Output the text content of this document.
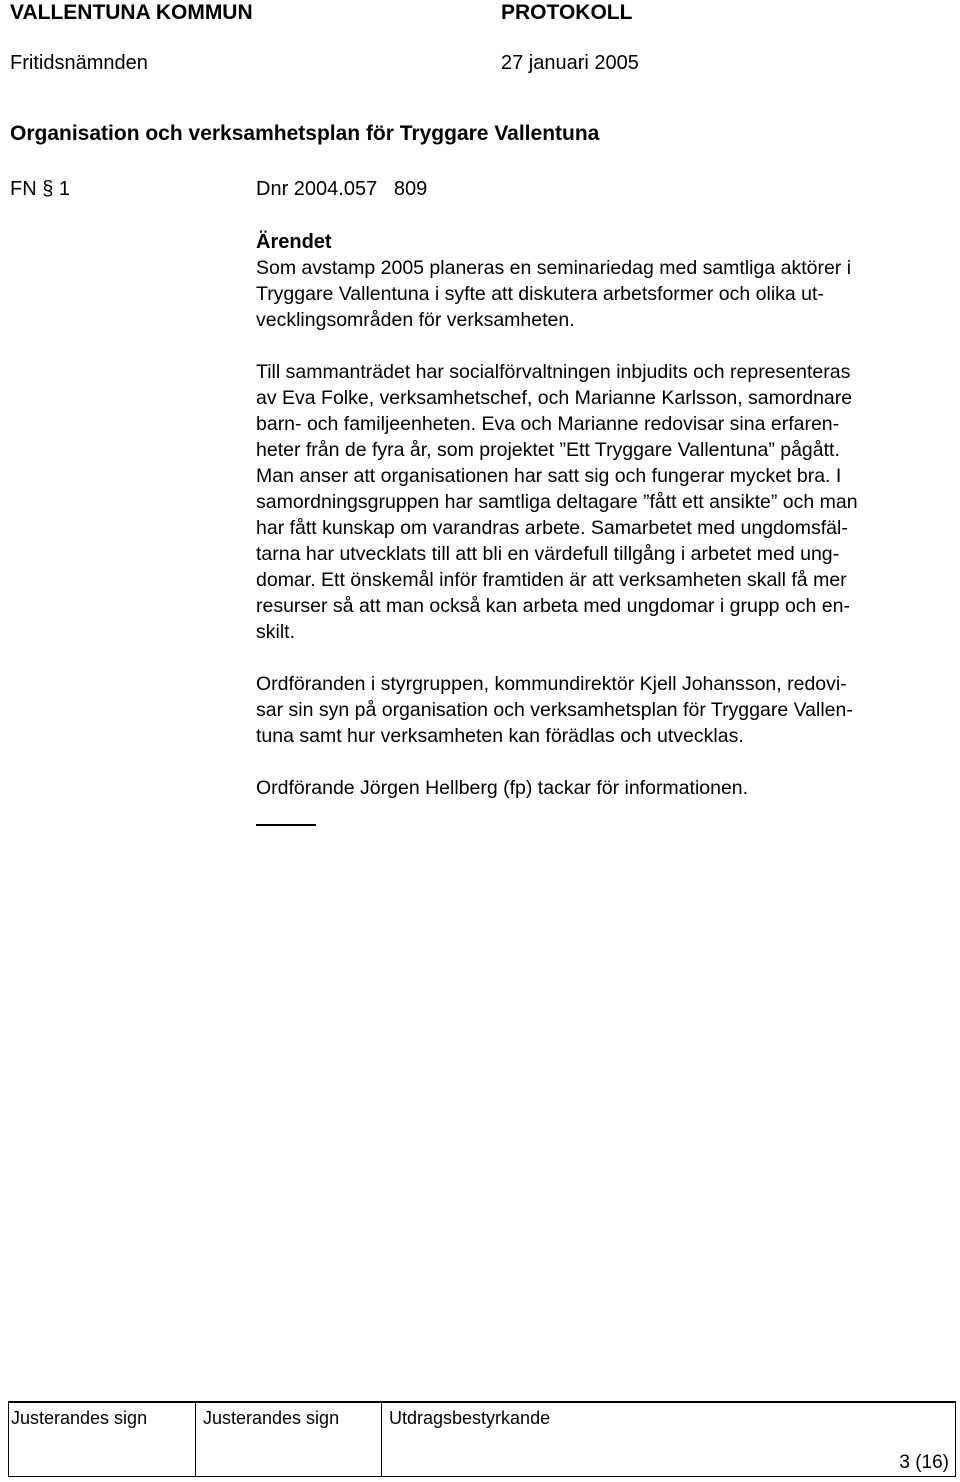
VALLENTUNA KOMMUN	PROTOKOLL
Fritidsnämnden	27 januari 2005
Organisation och verksamhetsplan för Tryggare Vallentuna
FN § 1	Dnr 2004.057   809
Ärendet
Som avstamp 2005 planeras en seminariedag med samtliga aktörer i
Tryggare Vallentuna i syfte att diskutera arbetsformer och olika ut-
vecklingsområden för verksamheten.
Till sammanträdet har socialförvaltningen inbjudits och representeras
av Eva Folke, verksamhetschef, och Marianne Karlsson, samordnare
barn- och familjeenheten. Eva och Marianne redovisar sina erfaren-
heter från de fyra år, som projektet ”Ett Tryggare Vallentuna” pågått.
Man anser att organisationen har satt sig och fungerar mycket bra. I
samordningsgruppen har samtliga deltagare ”fått ett ansikte” och man
har fått kunskap om varandras arbete. Samarbetet med ungdomsfäl-
tarna har utvecklats till att bli en värdefull tillgång i arbetet med ung-
domar. Ett önskemål inför framtiden är att verksamheten skall få mer
resurser så att man också kan arbeta med ungdomar i grupp och en-
skilt.
Ordföranden i styrgruppen, kommundirektör Kjell Johansson, redovi-
sar sin syn på organisation och verksamhetsplan för Tryggare Vallen-
tuna samt hur verksamheten kan förädlas och utvecklas.
Ordförande Jörgen Hellberg (fp) tackar för informationen.
Justerandes sign	Justerandes sign	Utdragsbestyrkande
3 (16)
